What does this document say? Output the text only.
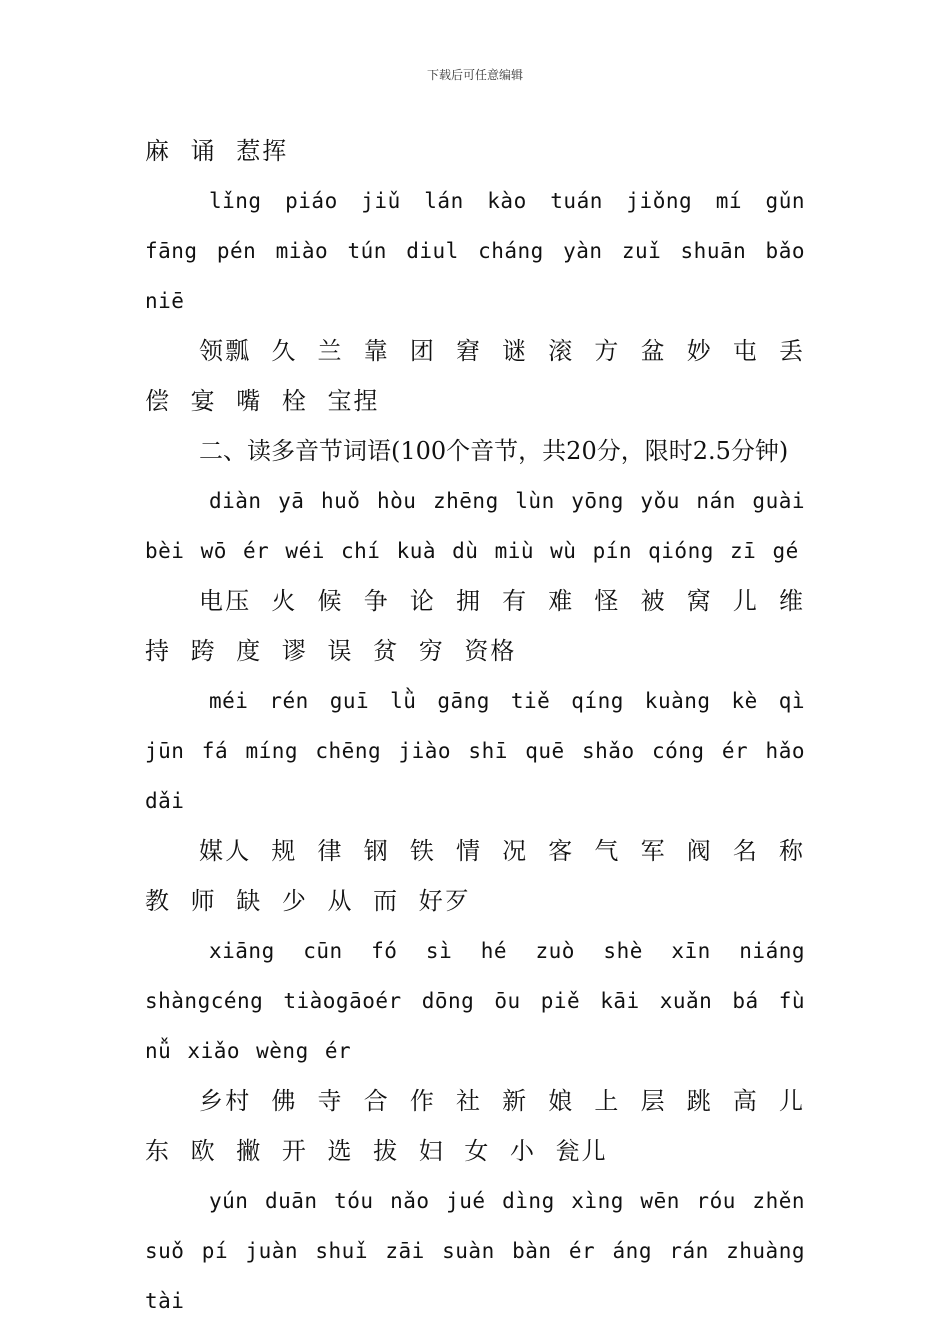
下载后可任意编辑

麻 诵 惹挥

lǐng piáo jiǔ lán kào tuán jiǒng mí gǔn fāng pén miào tún diul cháng yàn zuǐ shuān bǎo niē

领瓢 久 兰 靠 团 窘 谜 滚 方 盆 妙 屯 丢 偿 宴 嘴 栓 宝捏

二、读多音节词语(100个音节，共20分，限时2.5分钟)

diàn yā huǒ hòu zhēng lùn yōng yǒu nán guài bèi wō ér wéi chí kuà dù miù wù pín qióng zī gé

电压 火 候 争 论 拥 有 难 怪 被 窝 儿 维 持 跨 度 谬 误 贫 穷 资格

méi rén guī lǜ gāng tiě qíng kuàng kè qì jūn fá míng chēng jiào shī quē shǎo cóng ér hǎo dǎi

媒人 规 律 钢 铁 情 况 客 气 军 阀 名 称 教 师 缺 少 从 而 好歹

xiāng cūn fó sì hé zuò shè xīn niáng shàngcéng tiàogāoér dōng ōu piě kāi xuǎn bá fù nǚ xiǎo wèng ér

乡村 佛 寺 合 作 社 新 娘 上 层 跳 高 儿 东 欧 撇 开 选 拔 妇 女 小 瓮儿

yún duān tóu nǎo jué dìng xìng wēn róu zhěn suǒ pí juàn shuǐ zāi suàn bàn ér áng rán zhuàng tài
